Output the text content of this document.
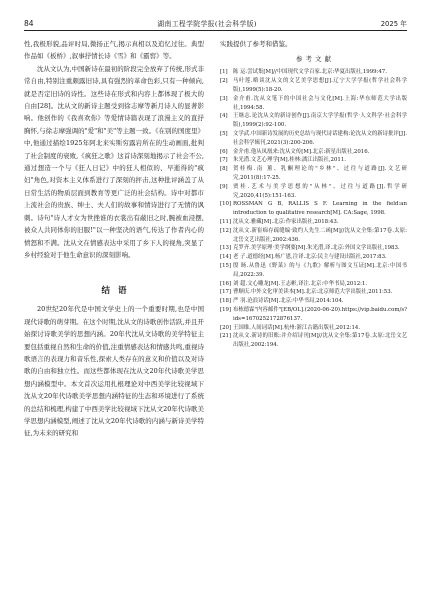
84	湖南工程学院学报(社会科学版)	2025 年

性,我极形貌,品评时局,微扬正气,揭示真相以及追忆过往。典型作品如《板桥》,叙事抒情长诗《雪》和《霸窖》等。

沈从文认为,中国新诗在最初的阶段完全放弃了传统,形式非常自由,特别注重颇露旧诗,具有强烈的革命色彩,只有一种倾向,就是否定旧诗的诗性。这些诗在形式和内容上都体现了极大的自由[28]。沈从文的新诗主题受到徐志摩等新月诗人的显著影响。他创作的《我喜欢你》等爱情诗篇表现了浪漫主义的直抒胸怀,与徐志摩强调的"爱"和"美"等主题一致。《在别的国度里》中,他通过描绘1925年阿北来实斯穷露岩所在的生动画面,批判了社会制度的衰败,《疯狂之歌》这首诗深刻地揭示了社会不公,通过想造一个与《狂人日记》中的狂人相似的、早逝得的"疯妇"角色,对资本主义体系进行了深刻的抨击,这种批评涵盖了从日常生活的物质层面到教育等更广泛的社会结构。诗中对都市上流社会的贵族、绅士、夫人们的故事和情诗进行了无情的讽刺。诗句"诗人才女为世挫谁的衣裳出有蔽旧之时,腕被血浸摆,被众人共同体你的旧服!"以一种坚决的语气,传达了作者内心的愤怒和不满。沈从文在情感表达中采用了乡下人的视角,突显了乡村经验对于他生命意识的深刻影响。

结语

20世纪20年代是中国文学史上的一个重要时期,也是中国现代诗歌的萌芽期。在这个时期,沈从文的诗歌创作活跃,并且开始探讨诗歌美学的思想内涵。20年代沈从文诗歌的美学特征主要包括重视自然和生命的价值,注重情感表达和情感共鸣,重视诗歌语言的表现力和音乐性,探索人类存在的意义和价值以及对诗歌的自由和独立性。而这些都体现在沈从文20年代诗歌美学思想内涵模型中。本文首次运用扎根理论对中西美学比较视域下沈从文20年代诗歌美学思想内涵特征的生态和环境进行了系统的总结和梳理,构建了中西美学比较视域下沈从文20年代诗歌美学思想内涵模型,阐述了沈从文20年代诗歌的内涵与新诗美学特征,为未来的研究和

实践提供了参考和借鉴。

参考文献
[1] 陈 运.尝试集[M]//中国现代文学百家.北京:华夏出版社,1999:47.
[2] 马叶莲.略谈沈从文的文艺美学思想[J].辽宁大学学报(哲学社会科学版),1999(5):18-20.
[3] 金介甫.沈从文笔下的中国社会与文化[M].上海:华东师范大学出版社,1994:58.
[4] 王继志.论沈从文的新诗创作[J].南京大学学报(哲学·人文科学·社会科学版),1999(2):92-100.
[5] 文学武.中国新诗发展的历史总结与现代诗话建构:论沈从文的新诗批评[J].社会科学辑刊,2021(3):200-206.
[6] 金介甫.他从凤凰来:沈从文传[M].北京:新星出版社,2016.
[7] 朱光潜.文艺心理学[M].桂林:漓江出版社,2011.
[8] 贺桂梅.南 薰、乳酮理论的"乡林"、过往与道路[J].文艺研究,2011(8):17-25.
[9] 贾桂.艺术与美学思想的"从林"、过往与道路[J].哲学研究,2020,41(5):151-163.
[10] ROSSMAN G B, RALLIS S F. Learning in the field:an introduction to qualitative research[M]. CA:Sage, 1998.
[11] 沈从文.雅藏[M].北京:作家出版社,2018:43.
[12] 沈从文.新崔痴存疏缝编·致约人先生二函[M]//沈从文全集:第17卷.太原:北岳文艺出版社,2002:436.
[13] 克罗齐.美学原理·美学纲要[M].朱光潜,译.北京:外国文学出版社,1983.
[14] 老 子.道德经[M].杨广恩,注译.北京:民主与建设出版社,2017:83.
[15] 殷 旸.从鲁迅《野菜》的与《九歌》解析与图文互证[M].北京:中国书局,2022:39.
[16] 刘 超.文心雕龙[M].王志彬,译注.北京:中华书局,2012:1.
[17] 曹顺庆.中外文化审美读本[M].北京:北京师范大学出版社,2011:53.
[18] 严 羽.沧浪诗话[M].北京:中华书局,2014:104.
[19] 布栋德霖"内容邮件"[EB/OL].(2020-06-20).https://vip.baidu.com/s?ids=1670252172876137.
[20] 王国维.人间词话[M].杭州:浙江古籍出版社,2012:14.
[21] 沈从文.新诗的旧账:并介绍诗刊[M]//沈从文全集:第17卷.太原:北岳文艺出版社,2002:194.
